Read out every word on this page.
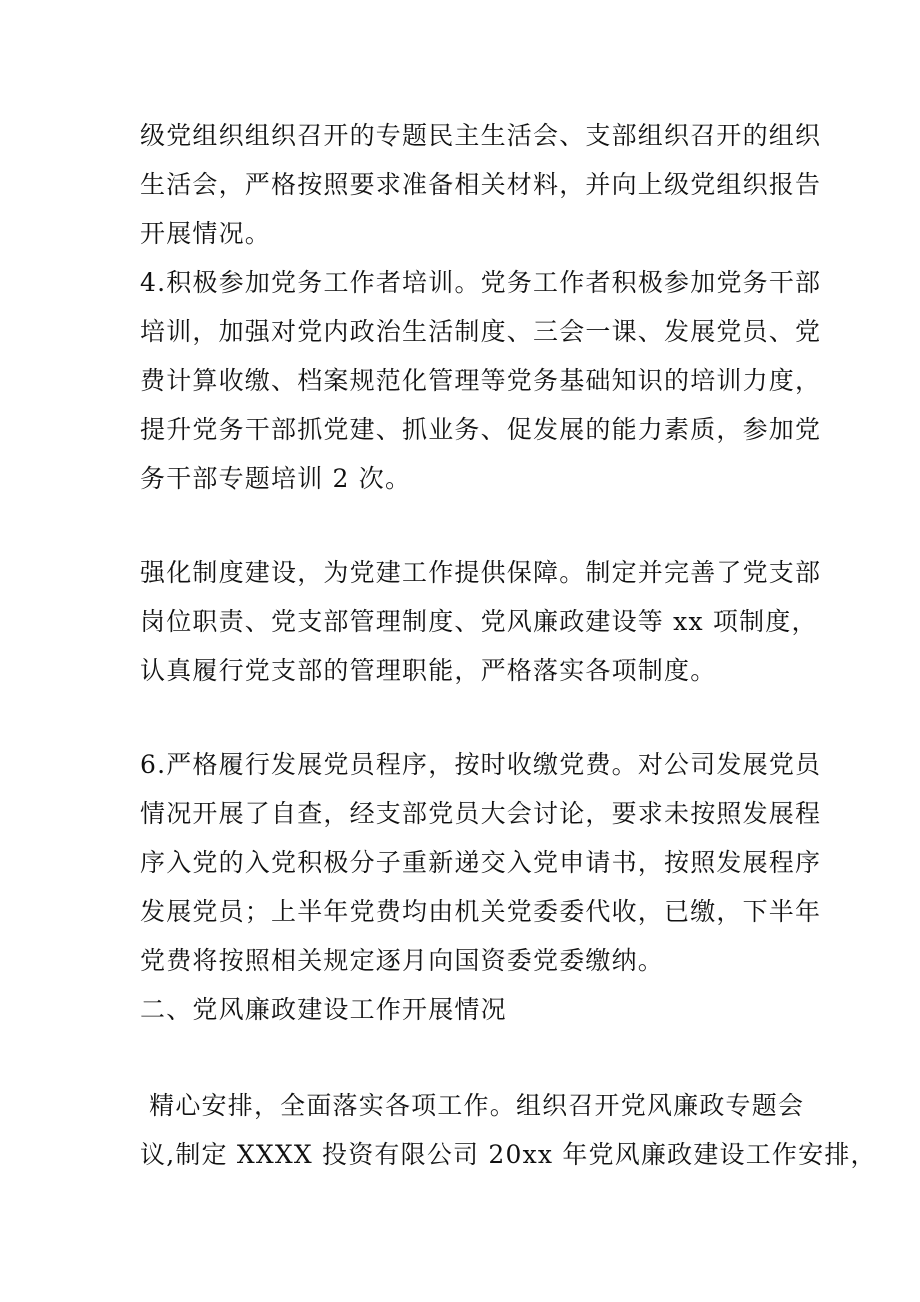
级党组织组织召开的专题民主生活会、支部组织召开的组织
生活会，严格按照要求准备相关材料，并向上级党组织报告
开展情况。
4.积极参加党务工作者培训。党务工作者积极参加党务干部
培训，加强对党内政治生活制度、三会一课、发展党员、党
费计算收缴、档案规范化管理等党务基础知识的培训力度，
提升党务干部抓党建、抓业务、促发展的能力素质，参加党
务干部专题培训 2 次。
强化制度建设，为党建工作提供保障。制定并完善了党支部
岗位职责、党支部管理制度、党风廉政建设等 xx 项制度，
认真履行党支部的管理职能，严格落实各项制度。
6.严格履行发展党员程序，按时收缴党费。对公司发展党员
情况开展了自查，经支部党员大会讨论，要求未按照发展程
序入党的入党积极分子重新递交入党申请书，按照发展程序
发展党员；上半年党费均由机关党委委代收，已缴，下半年
党费将按照相关规定逐月向国资委党委缴纳。
二、党风廉政建设工作开展情况
精心安排，全面落实各项工作。组织召开党风廉政专题会
议,制定 XXXX 投资有限公司 20xx 年党风廉政建设工作安排，
